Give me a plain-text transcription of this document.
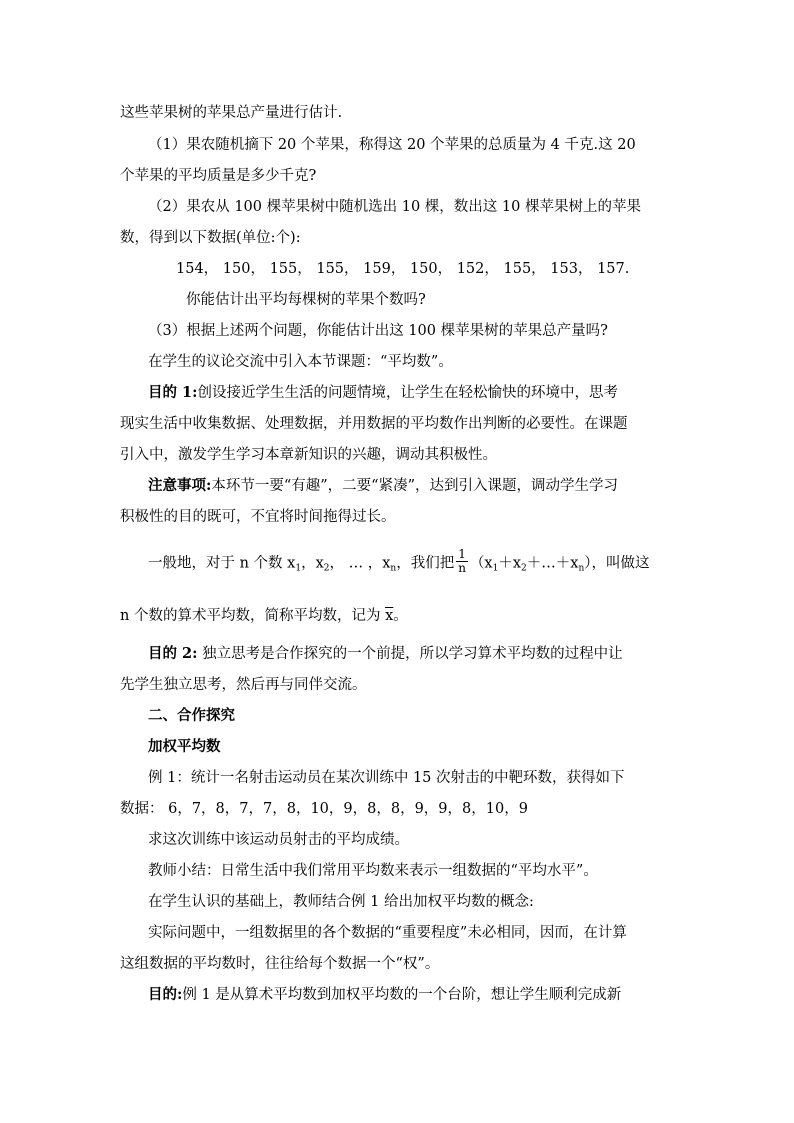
这些苹果树的苹果总产量进行估计.
（1）果农随机摘下 20 个苹果，称得这 20 个苹果的总质量为 4 千克.这 20
个苹果的平均质量是多少千克?
（2）果农从 100 棵苹果树中随机选出 10 棵，数出这 10 棵苹果树上的苹果
数，得到以下数据(单位:个):
154， 150， 155， 155， 159， 150， 152， 155， 153， 157.
你能估计出平均每棵树的苹果个数吗?
（3）根据上述两个问题，你能估计出这 100 棵苹果树的苹果总产量吗?
在学生的议论交流中引入本节课题：“平均数”。
目的 1:创设接近学生生活的问题情境，让学生在轻松愉快的环境中，思考
现实生活中收集数据、处理数据，并用数据的平均数作出判断的必要性。在课题
引入中，激发学生学习本章新知识的兴趣，调动其积极性。
注意事项:本环节一要“有趣”，二要“紧凑”，达到引入课题，调动学生学习
积极性的目的既可，不宜将时间拖得过长。
一般地，对于 n 个数 $x_1$，$x_2$， … ，$x_n$，我们把 $\frac{1}{n}$ $(x_1+x_2+\dots+x_n)$，叫做这
n 个数的算术平均数，简称平均数，记为 $\overline{x}$。
目的 2: 独立思考是合作探究的一个前提，所以学习算术平均数的过程中让
先学生独立思考，然后再与同伴交流。
二、合作探究
加权平均数
例 1：统计一名射击运动员在某次训练中 15 次射击的中靶环数，获得如下
数据： 6，7，8，7，7，8，10，9，8，8，9，9，8，10，9
求这次训练中该运动员射击的平均成绩。
教师小结：日常生活中我们常用平均数来表示一组数据的“平均水平”。
在学生认识的基础上，教师结合例 1 给出加权平均数的概念:
实际问题中，一组数据里的各个数据的“重要程度”未必相同，因而，在计算
这组数据的平均数时，往往给每个数据一个“权”。
目的:例 1 是从算术平均数到加权平均数的一个台阶，想让学生顺利完成新
